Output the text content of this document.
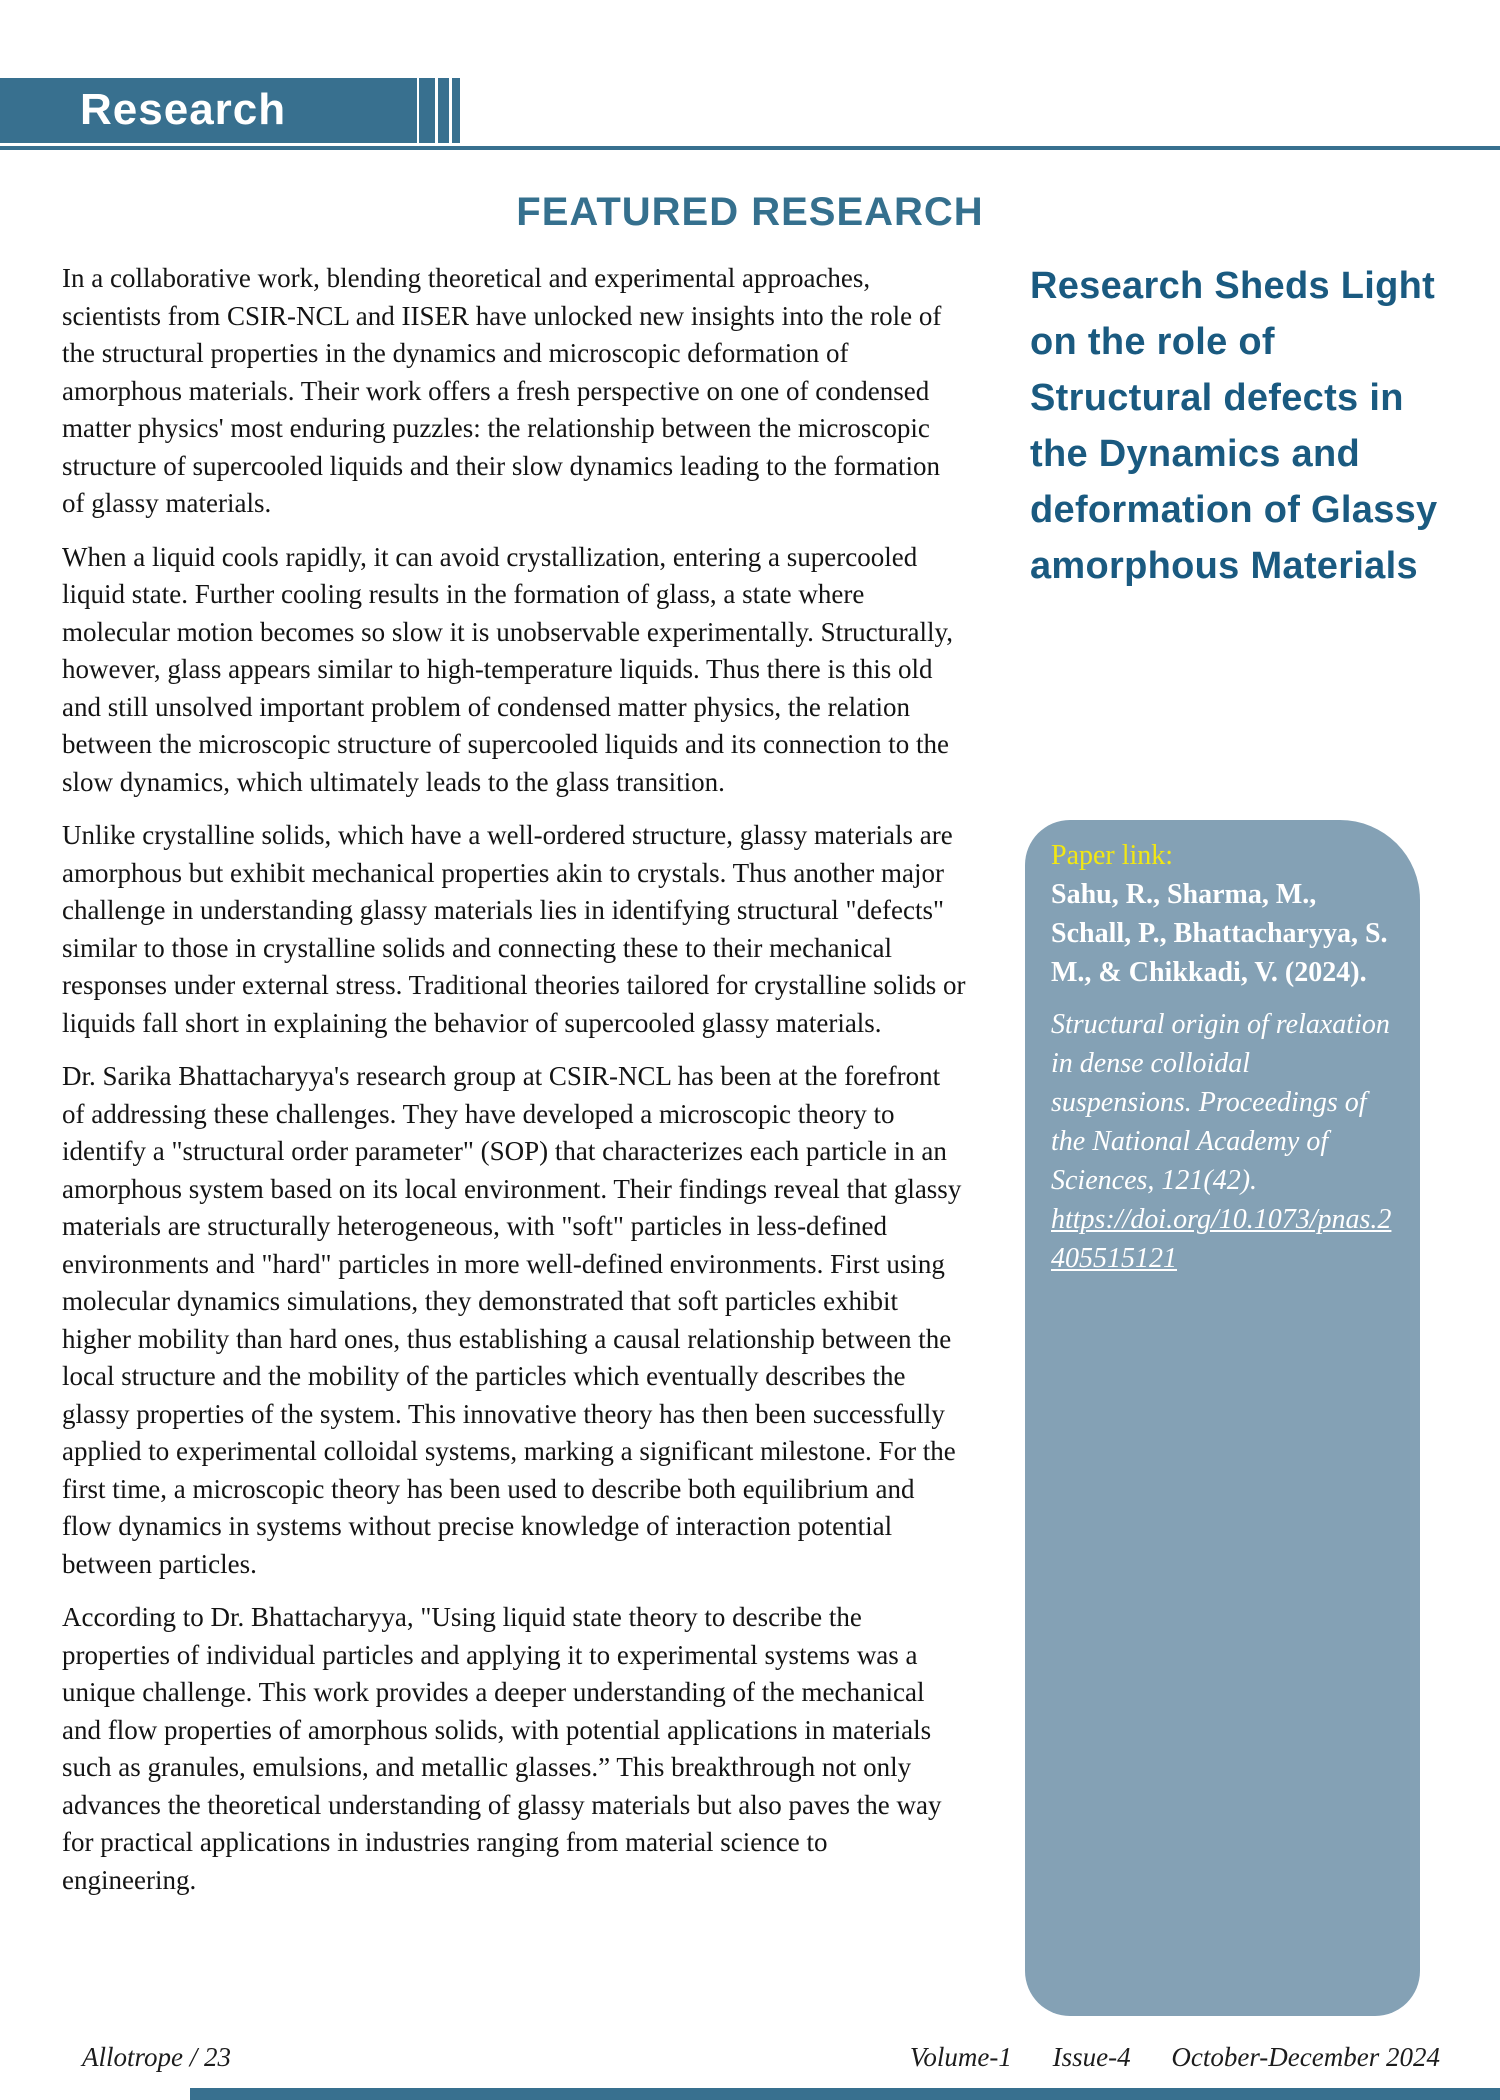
Research
FEATURED RESEARCH

In a collaborative work, blending theoretical and experimental approaches, scientists from CSIR-NCL and IISER have unlocked new insights into the role of the structural properties in the dynamics and microscopic deformation of amorphous materials. Their work offers a fresh perspective on one of condensed matter physics' most enduring puzzles: the relationship between the microscopic structure of supercooled liquids and their slow dynamics leading to the formation of glassy materials.

When a liquid cools rapidly, it can avoid crystallization, entering a supercooled liquid state. Further cooling results in the formation of glass, a state where molecular motion becomes so slow it is unobservable experimentally. Structurally, however, glass appears similar to high-temperature liquids. Thus there is this old and still unsolved important problem of condensed matter physics, the relation between the microscopic structure of supercooled liquids and its connection to the slow dynamics, which ultimately leads to the glass transition.

Unlike crystalline solids, which have a well-ordered structure, glassy materials are amorphous but exhibit mechanical properties akin to crystals. Thus another major challenge in understanding glassy materials lies in identifying structural "defects" similar to those in crystalline solids and connecting these to their mechanical responses under external stress. Traditional theories tailored for crystalline solids or liquids fall short in explaining the behavior of supercooled glassy materials.

Dr. Sarika Bhattacharyya's research group at CSIR-NCL has been at the forefront of addressing these challenges. They have developed a microscopic theory to identify a "structural order parameter" (SOP) that characterizes each particle in an amorphous system based on its local environment. Their findings reveal that glassy materials are structurally heterogeneous, with "soft" particles in less-defined environments and "hard" particles in more well-defined environments. First using molecular dynamics simulations, they demonstrated that soft particles exhibit higher mobility than hard ones, thus establishing a causal relationship between the local structure and the mobility of the particles which eventually describes the glassy properties of the system. This innovative theory has then been successfully applied to experimental colloidal systems, marking a significant milestone. For the first time, a microscopic theory has been used to describe both equilibrium and flow dynamics in systems without precise knowledge of interaction potential between particles.

According to Dr. Bhattacharyya, "Using liquid state theory to describe the properties of individual particles and applying it to experimental systems was a unique challenge. This work provides a deeper understanding of the mechanical and flow properties of amorphous solids, with potential applications in materials such as granules, emulsions, and metallic glasses.” This breakthrough not only advances the theoretical understanding of glassy materials but also paves the way for practical applications in industries ranging from material science to engineering.

Research Sheds Light on the role of Structural defects in the Dynamics and deformation of Glassy amorphous Materials
Paper link:
Sahu, R., Sharma, M., Schall, P., Bhattacharyya, S. M., & Chikkadi, V. (2024).
Structural origin of relaxation in dense colloidal suspensions. Proceedings of the National Academy of Sciences, 121(42).
https://doi.org/10.1073/pnas.2405515121
Allotrope / 23	Volume-1 Issue-4 October-December 2024
